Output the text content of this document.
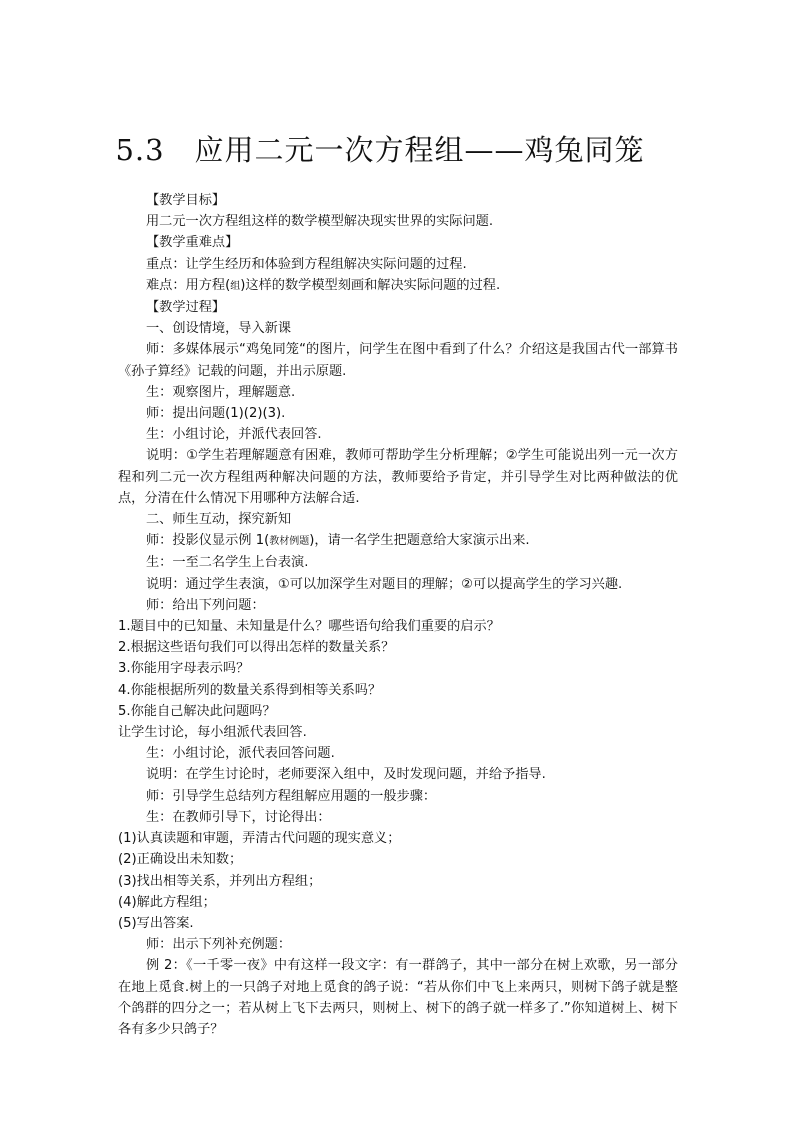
5.3　应用二元一次方程组——鸡兔同笼

【教学目标】

用二元一次方程组这样的数学模型解决现实世界的实际问题.

【教学重难点】

重点：让学生经历和体验到方程组解决实际问题的过程.

难点：用方程(组)这样的数学模型刻画和解决实际问题的过程.

【教学过程】

一、创设情境，导入新课

师：多媒体展示“鸡兔同笼“的图片，问学生在图中看到了什么？介绍这是我国古代一部算书《孙子算经》记载的问题，并出示原题.

生：观察图片，理解题意.

师：提出问题(1)(2)(3).

生：小组讨论，并派代表回答.

说明：①学生若理解题意有困难，教师可帮助学生分析理解；②学生可能说出列一元一次方程和列二元一次方程组两种解决问题的方法，教师要给予肯定，并引导学生对比两种做法的优点，分清在什么情况下用哪种方法解合适.

二、师生互动，探究新知

师：投影仪显示例 1(教材例题)，请一名学生把题意给大家演示出来.

生：一至二名学生上台表演.

说明：通过学生表演，①可以加深学生对题目的理解；②可以提高学生的学习兴趣.

师：给出下列问题：

1.题目中的已知量、未知量是什么？哪些语句给我们重要的启示？

2.根据这些语句我们可以得出怎样的数量关系？

3.你能用字母表示吗？

4.你能根据所列的数量关系得到相等关系吗？

5.你能自己解决此问题吗？

让学生讨论，每小组派代表回答.

生：小组讨论，派代表回答问题.

说明：在学生讨论时，老师要深入组中，及时发现问题，并给予指导.

师：引导学生总结列方程组解应用题的一般步骤：

生：在教师引导下，讨论得出：

(1)认真读题和审题，弄清古代问题的现实意义；

(2)正确设出未知数；

(3)找出相等关系，并列出方程组；

(4)解此方程组；

(5)写出答案.

师：出示下列补充例题：

例 2：《一千零一夜》中有这样一段文字：有一群鸽子，其中一部分在树上欢歌，另一部分在地上觅食.树上的一只鸽子对地上觅食的鸽子说：“若从你们中飞上来两只，则树下鸽子就是整个鸽群的四分之一；若从树上飞下去两只，则树上、树下的鸽子就一样多了.”你知道树上、树下各有多少只鸽子？
